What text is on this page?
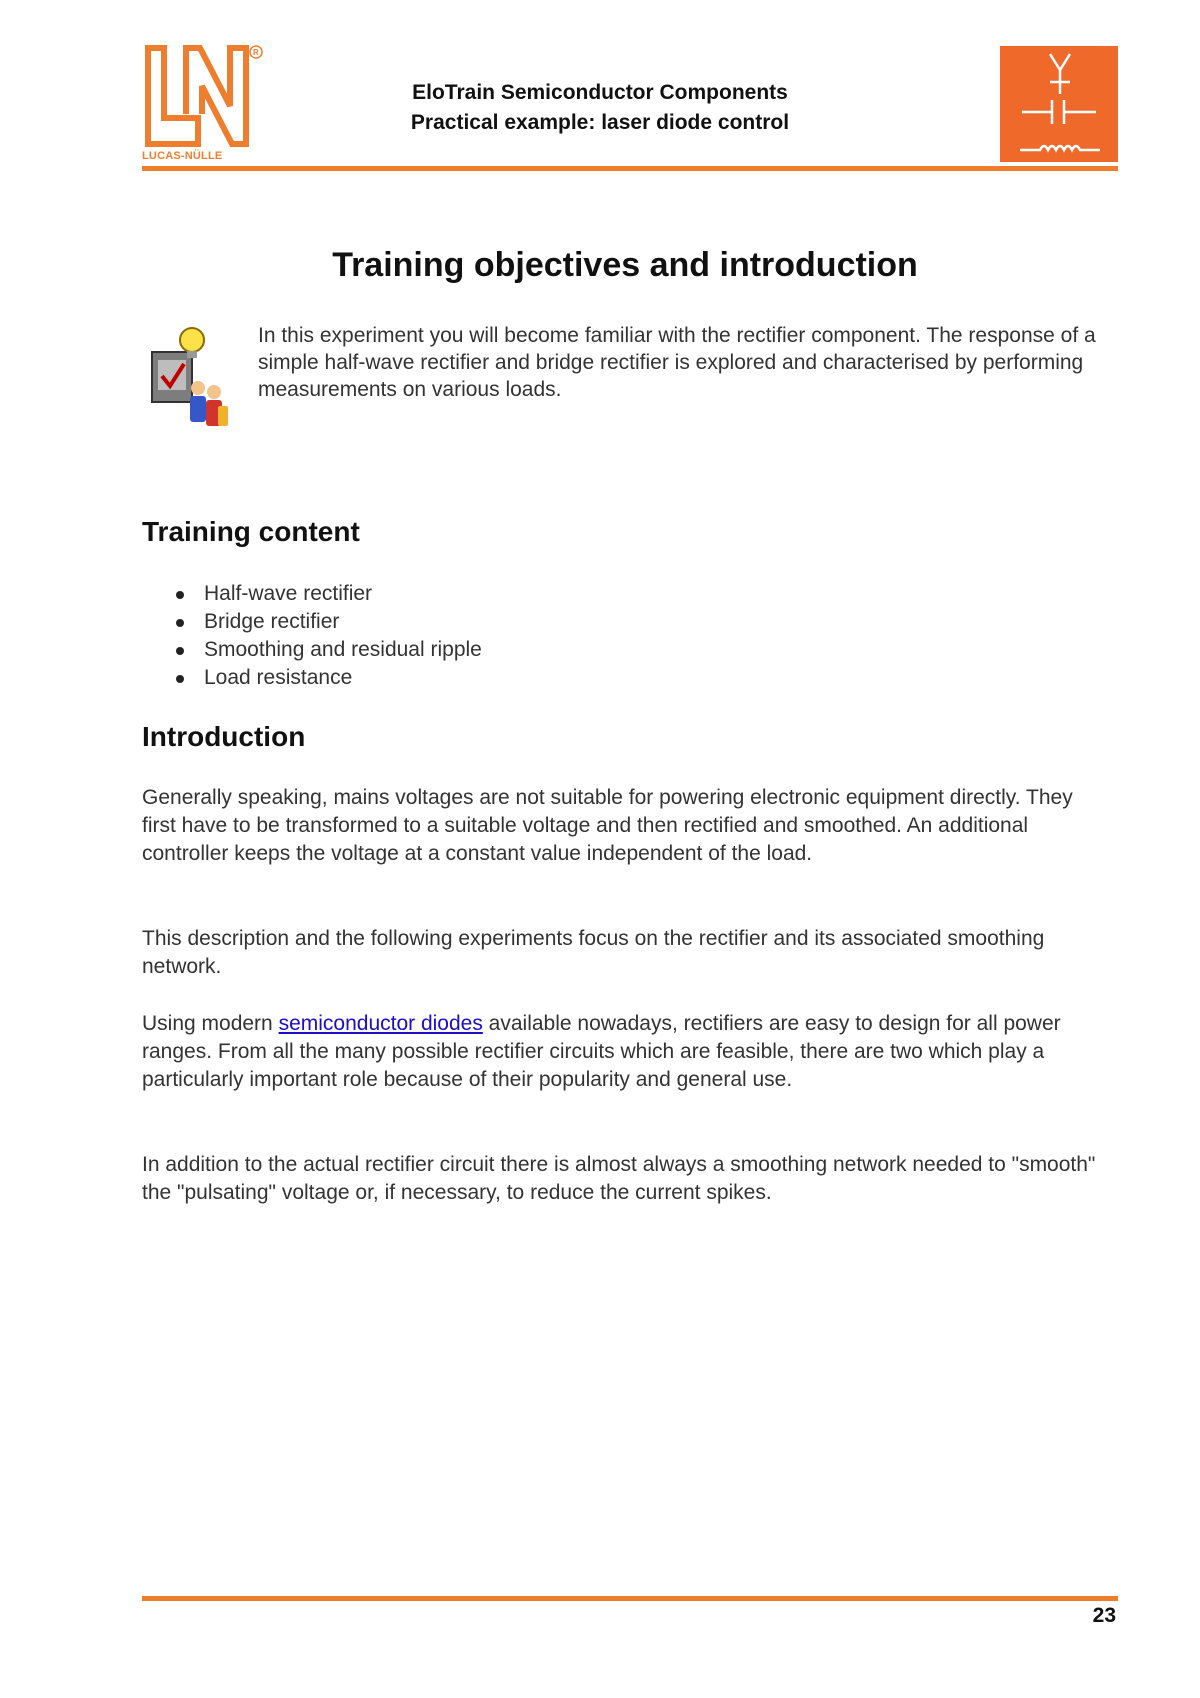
R
LUCAS-NÜLLE
EloTrain Semiconductor Components
Practical example: laser diode control
Training objectives and introduction
In this experiment you will become familiar with the rectifier component. The response of a simple half-wave rectifier and bridge rectifier is explored and characterised by performing measurements on various loads.
Training content
Half-wave rectifier
Bridge rectifier
Smoothing and residual ripple
Load resistance
Introduction

Generally speaking, mains voltages are not suitable for powering electronic equipment directly. They first have to be transformed to a suitable voltage and then rectified and smoothed. An additional controller keeps the voltage at a constant value independent of the load.

This description and the following experiments focus on the rectifier and its associated smoothing network.

Using modern semiconductor diodes available nowadays, rectifiers are easy to design for all power ranges. From all the many possible rectifier circuits which are feasible, there are two which play a particularly important role because of their popularity and general use.

In addition to the actual rectifier circuit there is almost always a smoothing network needed to "smooth" the "pulsating" voltage or, if necessary, to reduce the current spikes.

23
